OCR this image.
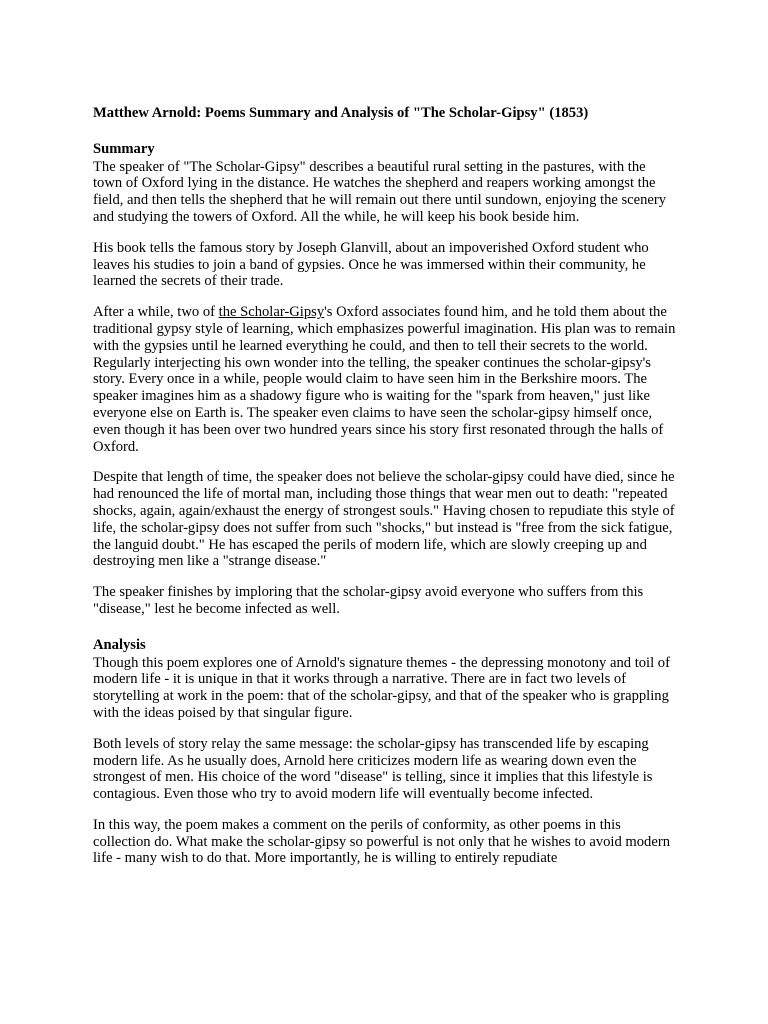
Matthew Arnold: Poems Summary and Analysis of "The Scholar-Gipsy" (1853)
Summary

The speaker of "The Scholar-Gipsy" describes a beautiful rural setting in the pastures, with the town of Oxford lying in the distance. He watches the shepherd and reapers working amongst the field, and then tells the shepherd that he will remain out there until sundown, enjoying the scenery and studying the towers of Oxford. All the while, he will keep his book beside him.

His book tells the famous story by Joseph Glanvill, about an impoverished Oxford student who leaves his studies to join a band of gypsies. Once he was immersed within their community, he learned the secrets of their trade.

After a while, two of the Scholar-Gipsy's Oxford associates found him, and he told them about the traditional gypsy style of learning, which emphasizes powerful imagination. His plan was to remain with the gypsies until he learned everything he could, and then to tell their secrets to the world.

Regularly interjecting his own wonder into the telling, the speaker continues the scholar-gipsy's story. Every once in a while, people would claim to have seen him in the Berkshire moors. The speaker imagines him as a shadowy figure who is waiting for the "spark from heaven," just like everyone else on Earth is. The speaker even claims to have seen the scholar-gipsy himself once, even though it has been over two hundred years since his story first resonated through the halls of Oxford.

Despite that length of time, the speaker does not believe the scholar-gipsy could have died, since he had renounced the life of mortal man, including those things that wear men out to death: "repeated shocks, again, again/exhaust the energy of strongest souls." Having chosen to repudiate this style of life, the scholar-gipsy does not suffer from such "shocks," but instead is "free from the sick fatigue, the languid doubt." He has escaped the perils of modern life, which are slowly creeping up and destroying men like a "strange disease."

The speaker finishes by imploring that the scholar-gipsy avoid everyone who suffers from this "disease," lest he become infected as well.

Analysis

Though this poem explores one of Arnold's signature themes - the depressing monotony and toil of modern life - it is unique in that it works through a narrative. There are in fact two levels of storytelling at work in the poem: that of the scholar-gipsy, and that of the speaker who is grappling with the ideas poised by that singular figure.

Both levels of story relay the same message: the scholar-gipsy has transcended life by escaping modern life. As he usually does, Arnold here criticizes modern life as wearing down even the strongest of men. His choice of the word "disease" is telling, since it implies that this lifestyle is contagious. Even those who try to avoid modern life will eventually become infected.

In this way, the poem makes a comment on the perils of conformity, as other poems in this collection do. What make the scholar-gipsy so powerful is not only that he wishes to avoid modern life - many wish to do that. More importantly, he is willing to entirely repudiate
